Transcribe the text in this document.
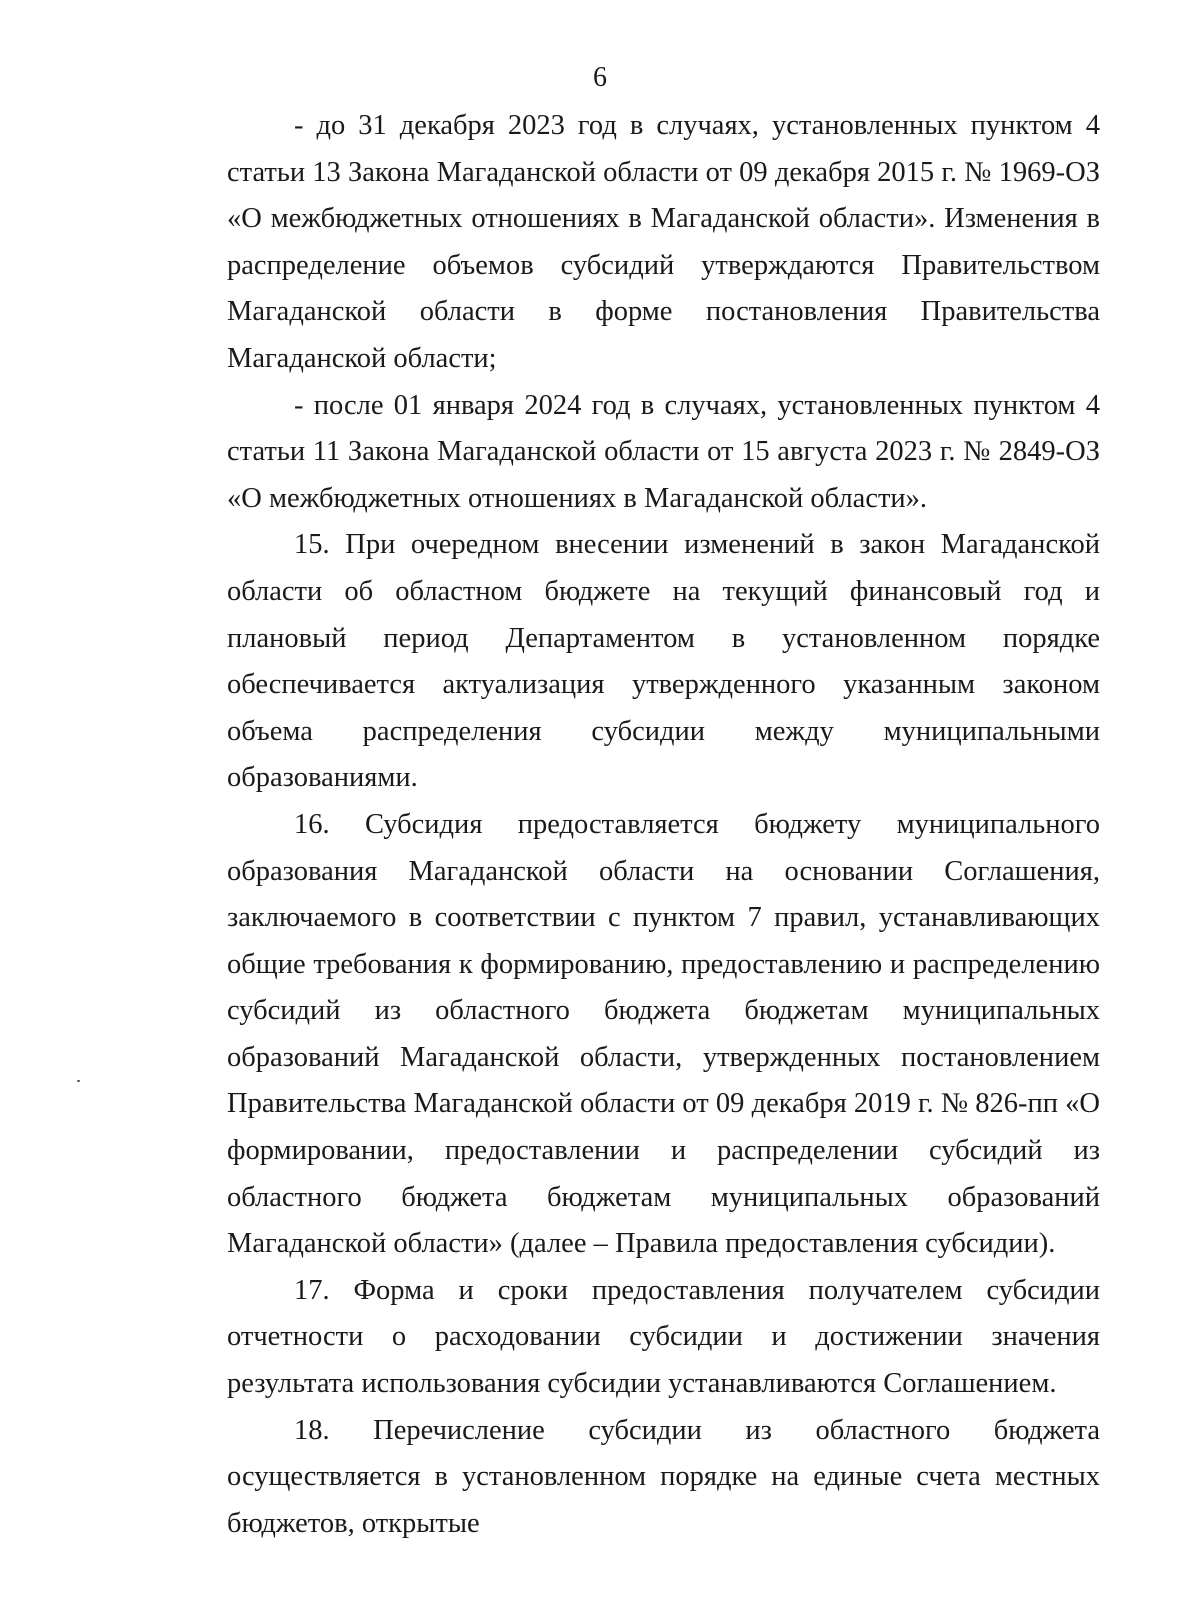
6

- до 31 декабря 2023 год в случаях, установленных пунктом 4 статьи 13 Закона Магаданской области от 09 декабря 2015 г. № 1969-ОЗ «О межбюджетных отношениях в Магаданской области». Изменения в распределение объемов субсидий утверждаются Правительством Магаданской области в форме постановления Правительства Магаданской области;

- после 01 января 2024 год в случаях, установленных пунктом 4 статьи 11 Закона Магаданской области от 15 августа 2023 г. № 2849-ОЗ «О межбюджетных отношениях в Магаданской области».

15. При очередном внесении изменений в закон Магаданской области об областном бюджете на текущий финансовый год и плановый период Департаментом в установленном порядке обеспечивается актуализация утвержденного указанным законом объема распределения субсидии между муниципальными образованиями.

16. Субсидия предоставляется бюджету муниципального образования Магаданской области на основании Соглашения, заключаемого в соответствии с пунктом 7 правил, устанавливающих общие требования к формированию, предоставлению и распределению субсидий из областного бюджета бюджетам муниципальных образований Магаданской области, утвержденных постановлением Правительства Магаданской области от 09 декабря 2019 г. № 826-пп «О формировании, предоставлении и распределении субсидий из областного бюджета бюджетам муниципальных образований Магаданской области» (далее – Правила предоставления субсидии).

17. Форма и сроки предоставления получателем субсидии отчетности о расходовании субсидии и достижении значения результата использования субсидии устанавливаются Соглашением.

18. Перечисление субсидии из областного бюджета осуществляется в установленном порядке на единые счета местных бюджетов, открытые
